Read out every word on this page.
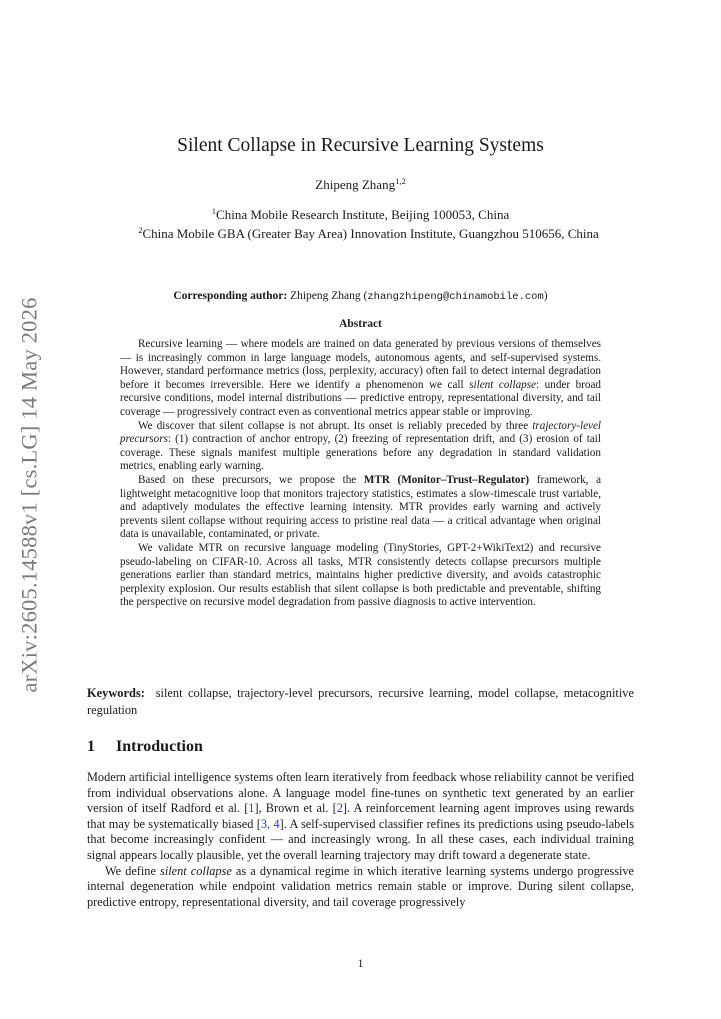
arXiv:2605.14588v1 [cs.LG] 14 May 2026
Silent Collapse in Recursive Learning Systems
Zhipeng Zhang$^{1,2}$
$^1$China Mobile Research Institute, Beijing 100053, China
$^2$China Mobile GBA (Greater Bay Area) Innovation Institute, Guangzhou 510656, China
Corresponding author: Zhipeng Zhang (zhangzhipeng@chinamobile.com)
Abstract

Recursive learning — where models are trained on data generated by previous versions of themselves — is increasingly common in large language models, autonomous agents, and self-supervised systems. However, standard performance metrics (loss, perplexity, accuracy) often fail to detect internal degradation before it becomes irreversible. Here we identify a phenomenon we call silent collapse: under broad recursive conditions, model internal distributions — predictive entropy, representational diversity, and tail coverage — progressively contract even as conventional metrics appear stable or improving.

We discover that silent collapse is not abrupt. Its onset is reliably preceded by three trajectory-level precursors: (1) contraction of anchor entropy, (2) freezing of representation drift, and (3) erosion of tail coverage. These signals manifest multiple generations before any degradation in standard validation metrics, enabling early warning.

Based on these precursors, we propose the MTR (Monitor–Trust–Regulator) framework, a lightweight metacognitive loop that monitors trajectory statistics, estimates a slow-timescale trust variable, and adaptively modulates the effective learning intensity. MTR provides early warning and actively prevents silent collapse without requiring access to pristine real data — a critical advantage when original data is unavailable, contaminated, or private.

We validate MTR on recursive language modeling (TinyStories, GPT-2+WikiText2) and recursive pseudo-labeling on CIFAR-10. Across all tasks, MTR consistently detects collapse precursors multiple generations earlier than standard metrics, maintains higher predictive diversity, and avoids catastrophic perplexity explosion. Our results establish that silent collapse is both predictable and preventable, shifting the perspective on recursive model degradation from passive diagnosis to active intervention.

Keywords: silent collapse, trajectory-level precursors, recursive learning, model collapse, metacognitive regulation
1 Introduction

Modern artificial intelligence systems often learn iteratively from feedback whose reliability cannot be verified from individual observations alone. A language model fine-tunes on synthetic text generated by an earlier version of itself Radford et al. [1], Brown et al. [2]. A reinforcement learning agent improves using rewards that may be systematically biased [3, 4]. A self-supervised classifier refines its predictions using pseudo-labels that become increasingly confident — and increasingly wrong. In all these cases, each individual training signal appears locally plausible, yet the overall learning trajectory may drift toward a degenerate state.

We define silent collapse as a dynamical regime in which iterative learning systems undergo progressive internal degeneration while endpoint validation metrics remain stable or improve. During silent collapse, predictive entropy, representational diversity, and tail coverage progressively

1
